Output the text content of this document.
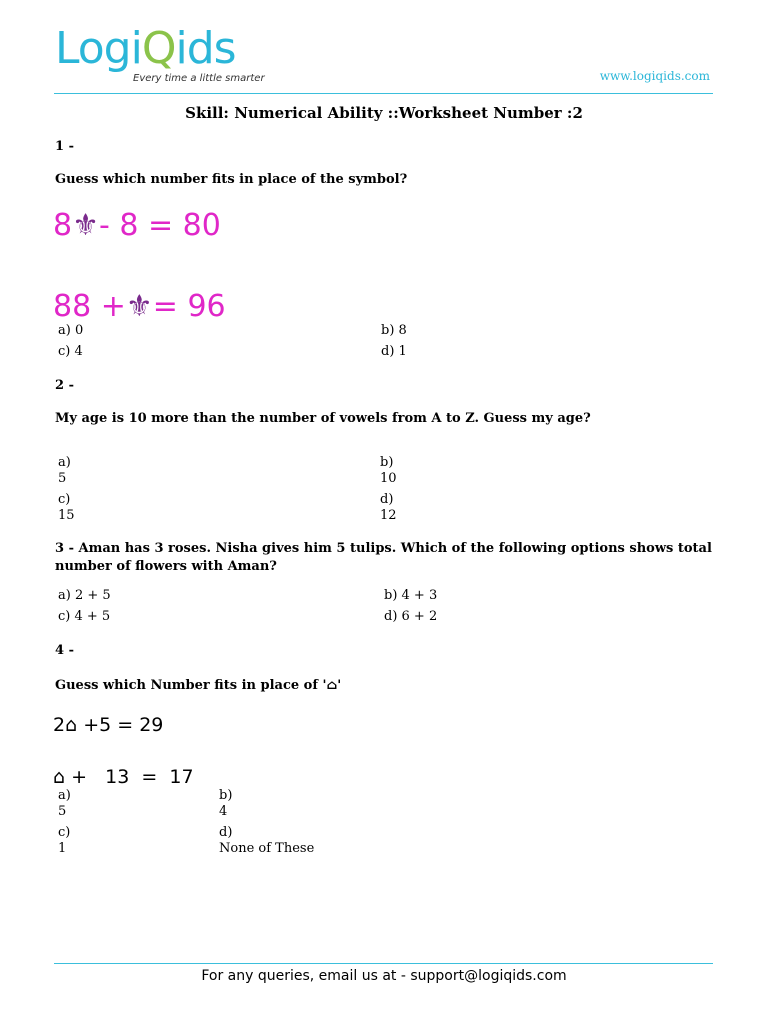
LogiQids
Every time a little smarter	www.logiqids.com
Skill: Numerical Ability ::Worksheet Number :2
1 -
Guess which number fits in place of the symbol?
8⚜- 8 = 80
88 +⚜= 96
a) 0	b) 8
c) 4	d) 1
2 -
My age is 10 more than the number of vowels from A to Z. Guess my age?
a)
5
b)
10
c)
15
d)
12
3 - Aman has 3 roses. Nisha gives him 5 tulips. Which of the following options shows total number of flowers with Aman?
a) 2 + 5	b) 4 + 3
c) 4 + 5	d) 6 + 2
4 -
Guess which Number fits in place of '⌂'
2⌂ +5 = 29
⌂ +   13  =  17
a)
5
b)
4
c)
1
d)
None of These
For any queries, email us at - support@logiqids.com
